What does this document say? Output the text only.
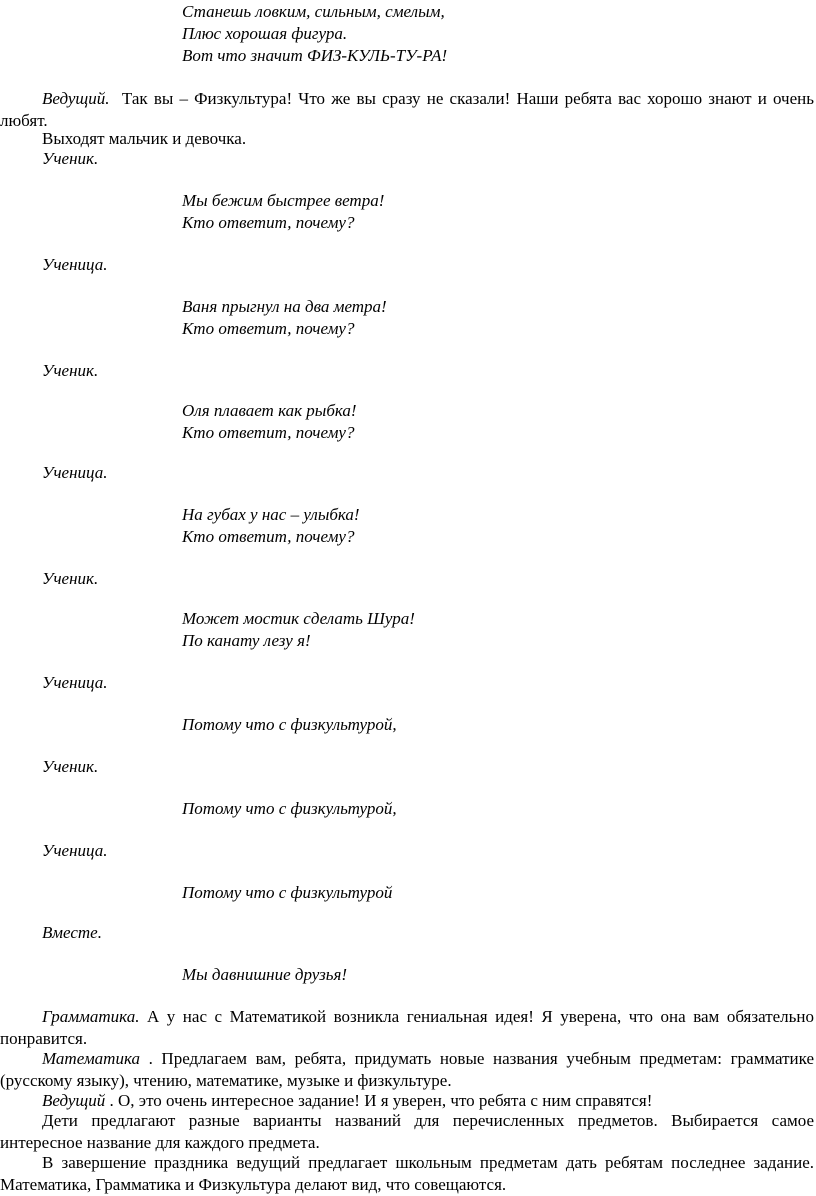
Станешь ловким, сильным, смелым,
Плюс хорошая фигура.
Вот что значит ФИЗ-КУЛЬ-ТУ-РА!
Ведущий. Так вы – Физкультура! Что же вы сразу не сказали! Наши ребята вас хорошо знают и очень любят.
Выходят мальчик и девочка.
Ученик.
Мы бежим быстрее ветра!
Кто ответит, почему?
Ученица.
Ваня прыгнул на два метра!
Кто ответит, почему?
Ученик.
Оля плавает как рыбка!
Кто ответит, почему?
Ученица.
На губах у нас – улыбка!
Кто ответит, почему?
Ученик.
Может мостик сделать Шура!
По канату лезу я!
Ученица.
Потому что с физкультурой,
Ученик.
Потому что с физкультурой,
Ученица.
Потому что с физкультурой
Вместе.
Мы давнишние друзья!
Грамматика. А у нас с Математикой возникла гениальная идея! Я уверена, что она вам обязательно понравится.
Математика . Предлагаем вам, ребята, придумать новые названия учебным предметам: грамматике (русскому языку), чтению, математике, музыке и физкультуре.
Ведущий . О, это очень интересное задание! И я уверен, что ребята с ним справятся!
Дети предлагают разные варианты названий для перечисленных предметов. Выбирается самое интересное название для каждого предмета.
В завершение праздника ведущий предлагает школьным предметам дать ребятам последнее задание. Математика, Грамматика и Физкультура делают вид, что совещаются.
